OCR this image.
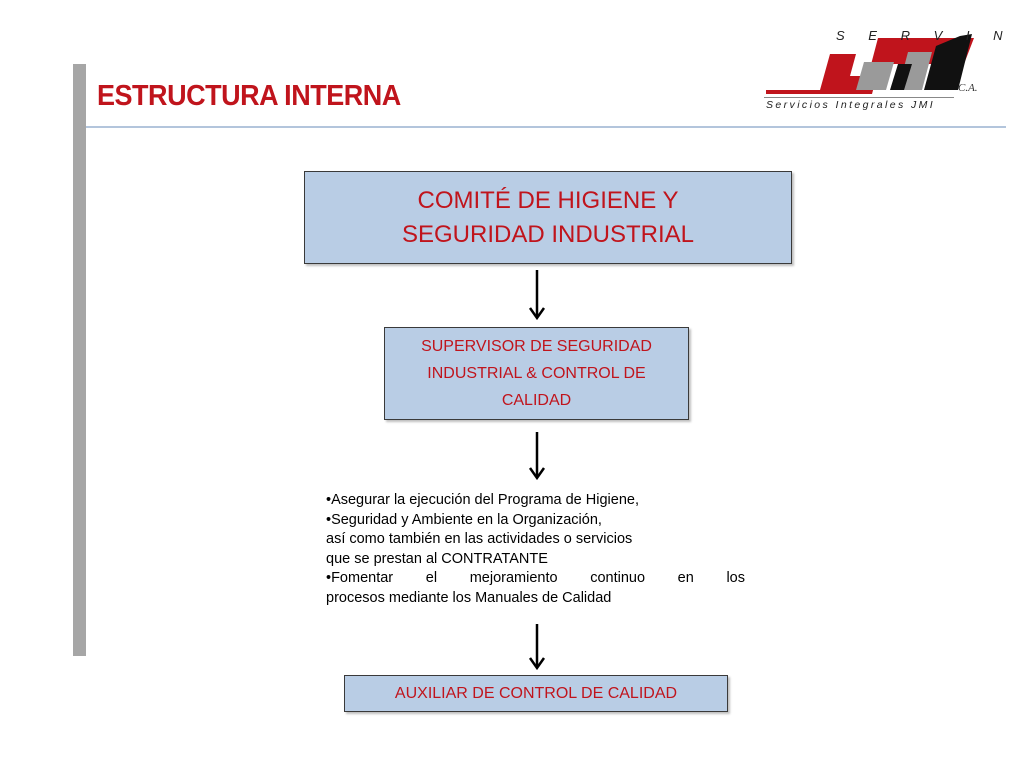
ESTRUCTURA INTERNA
S E R V I N
C.A.
Servicios Integrales JMI
COMITÉ DE HIGIENE Y
SEGURIDAD INDUSTRIAL
SUPERVISOR DE SEGURIDAD
INDUSTRIAL & CONTROL DE
CALIDAD

•Asegurar la ejecución del Programa de Higiene,

•Seguridad y Ambiente en la Organización,

así como también en las actividades o servicios

que se prestan al CONTRATANTE

•Fomentar el mejoramiento continuo en los

procesos mediante los Manuales de Calidad

AUXILIAR DE CONTROL DE CALIDAD
